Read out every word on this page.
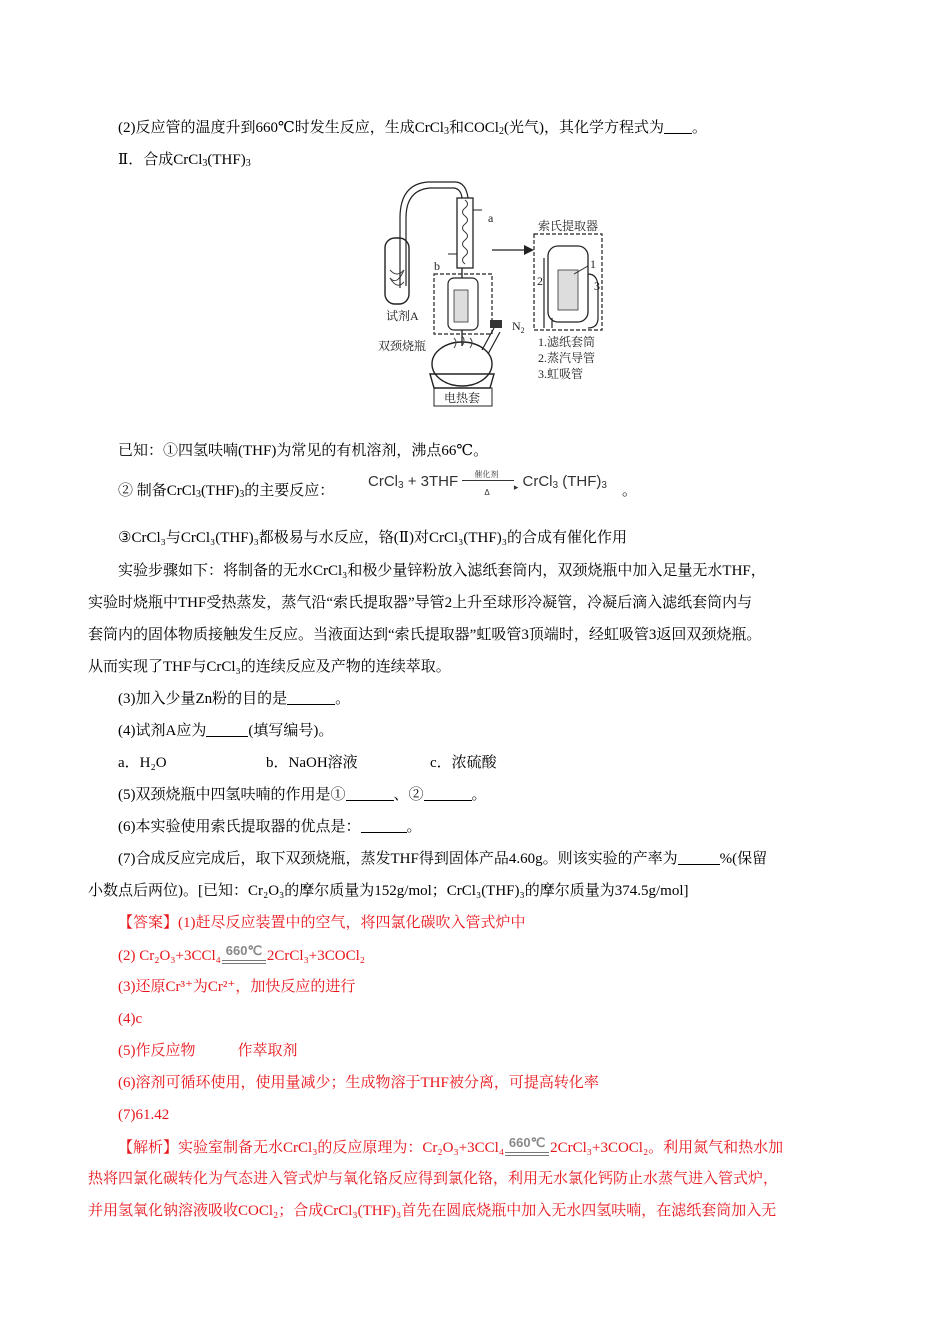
(2)反应管的温度升到660℃时发生反应，生成CrCl$_3$和COCl$_2$(光气)，其化学方程式为 。
Ⅱ．合成$CrCl_3(THF)_3$
a
b
$N_2$
试剂A
双颈烧瓶
电热套
索氏提取器
1
2	3
1.滤纸套筒
2.蒸汽导管
3.虹吸管
已知：①四氢呋喃(THF)为常见的有机溶剂，沸点66℃。
② 制备$CrCl_3(THF)_3$的主要反应：
CrCl$_3$ + 3THF 催化剂
▸
Δ
CrCl$_3$ $(THF)_3$ 。
③CrCl₃与CrCl₃(THF)₃都极易与水反应，铬(Ⅱ)对CrCl₃(THF)₃的合成有催化作用
实验步骤如下：将制备的无水CrCl₃和极少量锌粉放入滤纸套筒内，双颈烧瓶中加入足量无水THF，
实验时烧瓶中THF受热蒸发，蒸气沿“索氏提取器”导管2上升至球形冷凝管，冷凝后滴入滤纸套筒内与
套筒内的固体物质接触发生反应。当液面达到“索氏提取器”虹吸管3顶端时，经虹吸管3返回双颈烧瓶。
从而实现了THF与CrCl₃的连续反应及产物的连续萃取。
(3)加入少量Zn粉的目的是	。
(4)试剂A应为	(填写编号)。
a．H₂O	b．NaOH溶液	c．浓硫酸
(5)双颈烧瓶中四氢呋喃的作用是①	、②	。
(6)本实验使用索氏提取器的优点是：	。
(7)合成反应完成后，取下双颈烧瓶，蒸发THF得到固体产品4.60g。则该实验的产率为	%(保留
小数点后两位)。[已知：Cr₂O₃的摩尔质量为152g/mol；CrCl₃(THF)₃的摩尔质量为374.5g/mol]
【答案】(1)赶尽反应装置中的空气，将四氯化碳吹入管式炉中
(2) Cr₂O₃+3CCl₄ 660℃ 2CrCl₃+3COCl₂
(3)还原Cr³⁺为Cr²⁺，加快反应的进行
(4)c
(5)作反应物	作萃取剂
(6)溶剂可循环使用，使用量减少；生成物溶于THF被分离，可提高转化率
(7)61.42
【解析】实验室制备无水CrCl₃的反应原理为：Cr₂O₃+3CCl₄ 660℃ 2CrCl₃+3COCl₂。利用氮气和热水加
热将四氯化碳转化为气态进入管式炉与氧化铬反应得到氯化铬，利用无水氯化钙防止水蒸气进入管式炉，
并用氢氧化钠溶液吸收COCl₂；合成CrCl₃(THF)₃首先在圆底烧瓶中加入无水四氢呋喃，在滤纸套筒加入无
